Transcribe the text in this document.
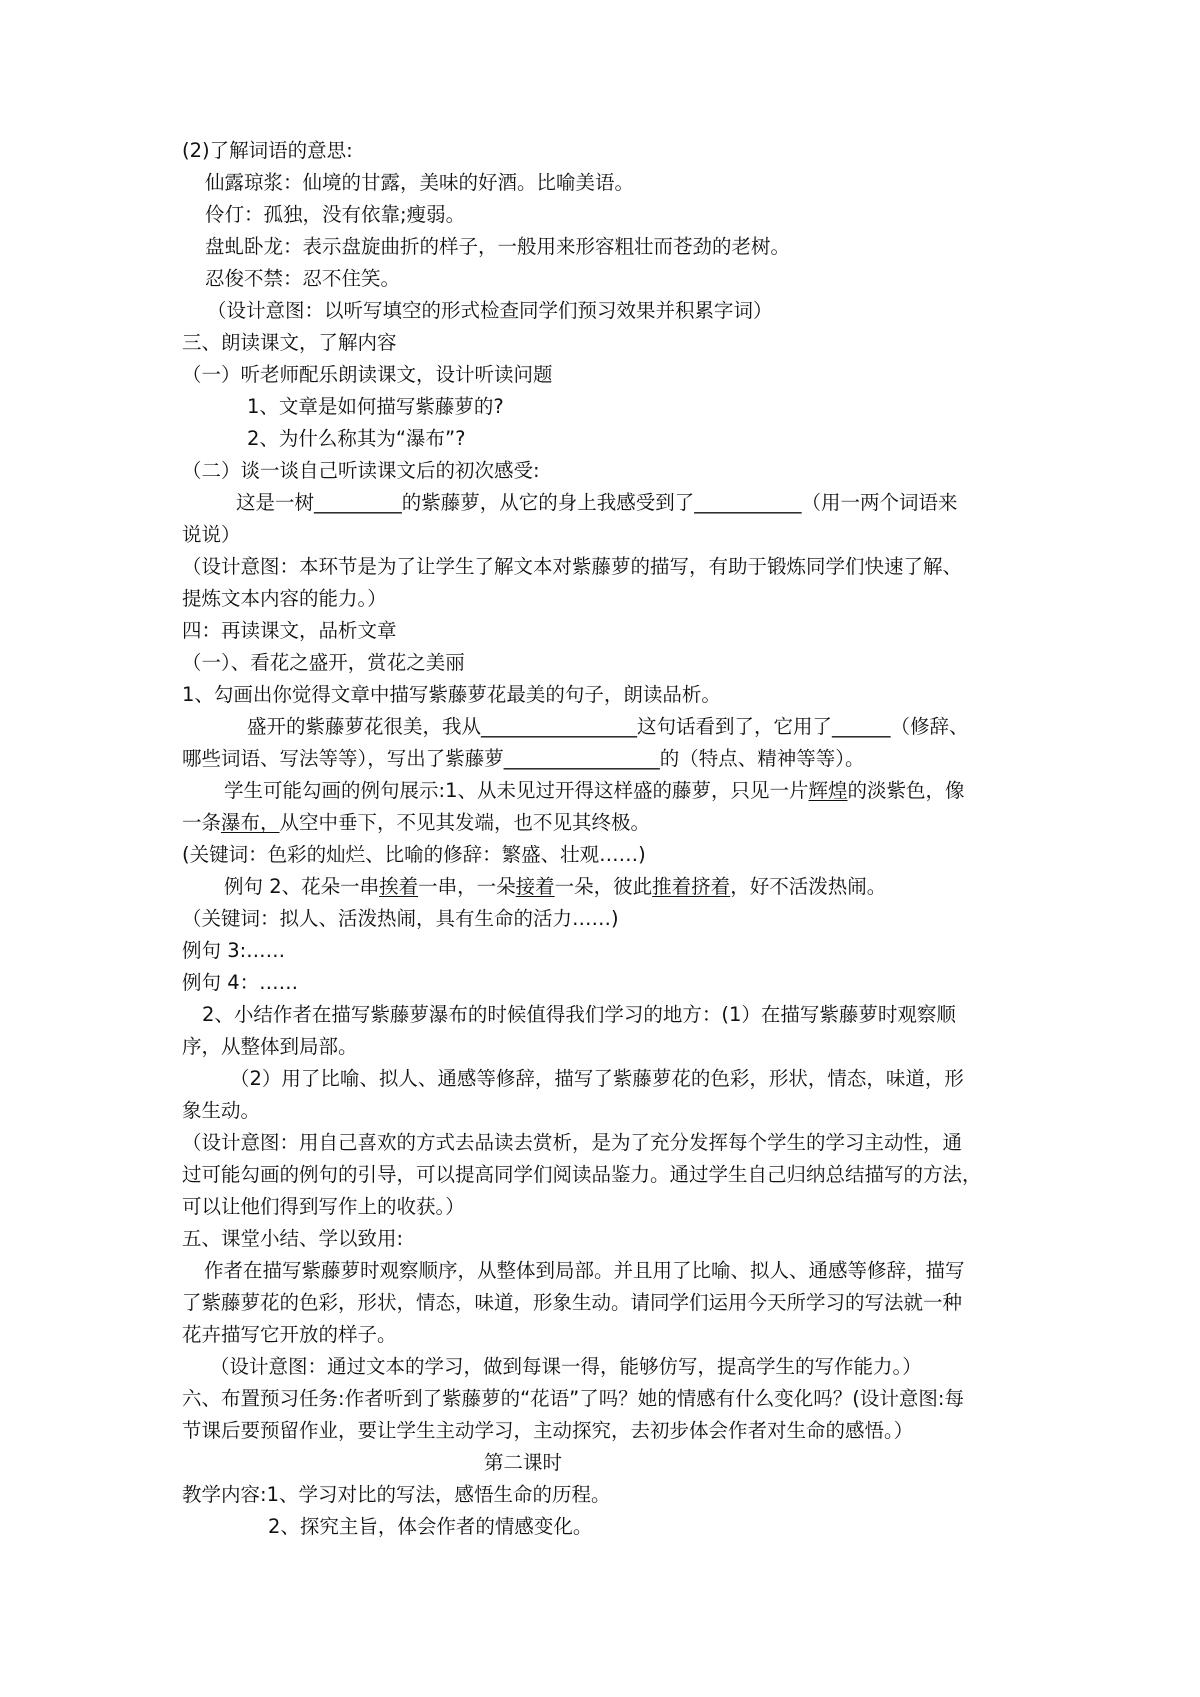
(2)了解词语的意思:
仙露琼浆：仙境的甘露，美味的好酒。比喻美语。
伶仃：孤独，没有依靠;瘦弱。
盘虬卧龙：表示盘旋曲折的样子，一般用来形容粗壮而苍劲的老树。
忍俊不禁：忍不住笑。
（设计意图：以听写填空的形式检查同学们预习效果并积累字词）
三、朗读课文，了解内容
（一）听老师配乐朗读课文，设计听读问题
1、文章是如何描写紫藤萝的?
2、为什么称其为“瀑布”?
（二）谈一谈自己听读课文后的初次感受:
这是一树_________的紫藤萝，从它的身上我感受到了___________（用一两个词语来
说说）
（设计意图：本环节是为了让学生了解文本对紫藤萝的描写，有助于锻炼同学们快速了解、
提炼文本内容的能力。）
四：再读课文，品析文章
（一）、看花之盛开，赏花之美丽
1、勾画出你觉得文章中描写紫藤萝花最美的句子，朗读品析。
盛开的紫藤萝花很美，我从________________这句话看到了，它用了______（修辞、
哪些词语、写法等等），写出了紫藤萝________________的（特点、精神等等）。
学生可能勾画的例句展示:1、从未见过开得这样盛的藤萝，只见一片辉煌的淡紫色，像
一条瀑布，从空中垂下，不见其发端，也不见其终极。
(关键词：色彩的灿烂、比喻的修辞：繁盛、壮观……)
例句 2、花朵一串挨着一串，一朵接着一朵，彼此推着挤着，好不活泼热闹。
（关键词：拟人、活泼热闹，具有生命的活力……)
例句 3:……
例句 4：……
2、小结作者在描写紫藤萝瀑布的时候值得我们学习的地方：(1）在描写紫藤萝时观察顺
序，从整体到局部。
（2）用了比喻、拟人、通感等修辞，描写了紫藤萝花的色彩，形状，情态，味道，形
象生动。
（设计意图：用自己喜欢的方式去品读去赏析，是为了充分发挥每个学生的学习主动性，通
过可能勾画的例句的引导，可以提高同学们阅读品鉴力。通过学生自己归纳总结描写的方法，
可以让他们得到写作上的收获。）
五、课堂小结、学以致用:
作者在描写紫藤萝时观察顺序，从整体到局部。并且用了比喻、拟人、通感等修辞，描写
了紫藤萝花的色彩，形状，情态，味道，形象生动。请同学们运用今天所学习的写法就一种
花卉描写它开放的样子。
（设计意图：通过文本的学习，做到每课一得，能够仿写，提高学生的写作能力。）
六、布置预习任务:作者听到了紫藤萝的“花语”了吗？她的情感有什么变化吗？(设计意图:每
节课后要预留作业，要让学生主动学习，主动探究，去初步体会作者对生命的感悟。）
第二课时
教学内容:1、学习对比的写法，感悟生命的历程。
2、探究主旨，体会作者的情感变化。
